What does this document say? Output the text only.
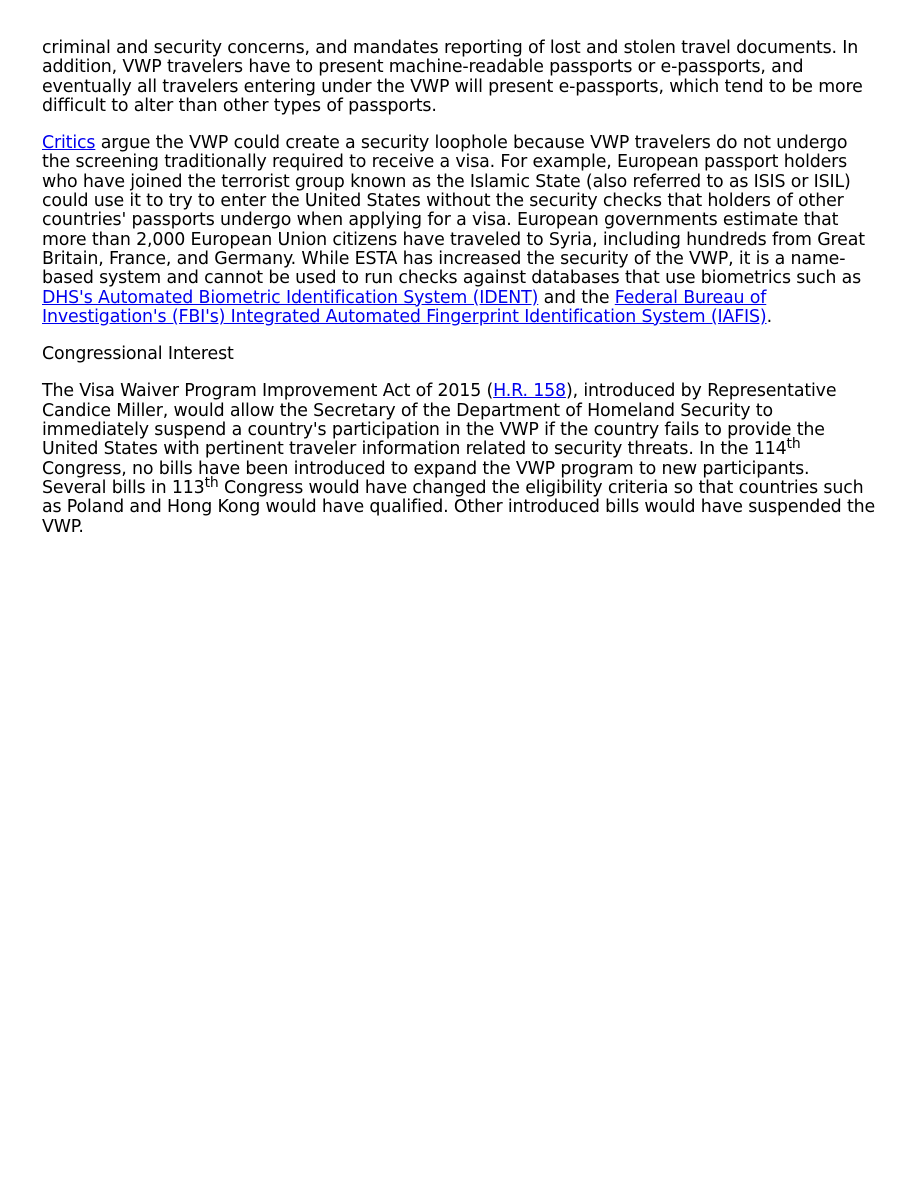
criminal and security concerns, and mandates reporting of lost and stolen travel documents. In addition, VWP travelers have to present machine-readable passports or e-passports, and eventually all travelers entering under the VWP will present e-passports, which tend to be more difficult to alter than other types of passports.

Critics argue the VWP could create a security loophole because VWP travelers do not undergo the screening traditionally required to receive a visa. For example, European passport holders who have joined the terrorist group known as the Islamic State (also referred to as ISIS or ISIL) could use it to try to enter the United States without the security checks that holders of other countries' passports undergo when applying for a visa. European governments estimate that more than 2,000 European Union citizens have traveled to Syria, including hundreds from Great Britain, France, and Germany. While ESTA has increased the security of the VWP, it is a name-based system and cannot be used to run checks against databases that use biometrics such as DHS's Automated Biometric Identification System (IDENT) and the Federal Bureau of Investigation's (FBI's) Integrated Automated Fingerprint Identification System (IAFIS).

Congressional Interest

The Visa Waiver Program Improvement Act of 2015 (H.R. 158), introduced by Representative Candice Miller, would allow the Secretary of the Department of Homeland Security to immediately suspend a country's participation in the VWP if the country fails to provide the United States with pertinent traveler information related to security threats. In the 114th Congress, no bills have been introduced to expand the VWP program to new participants. Several bills in 113th Congress would have changed the eligibility criteria so that countries such as Poland and Hong Kong would have qualified. Other introduced bills would have suspended the VWP.
